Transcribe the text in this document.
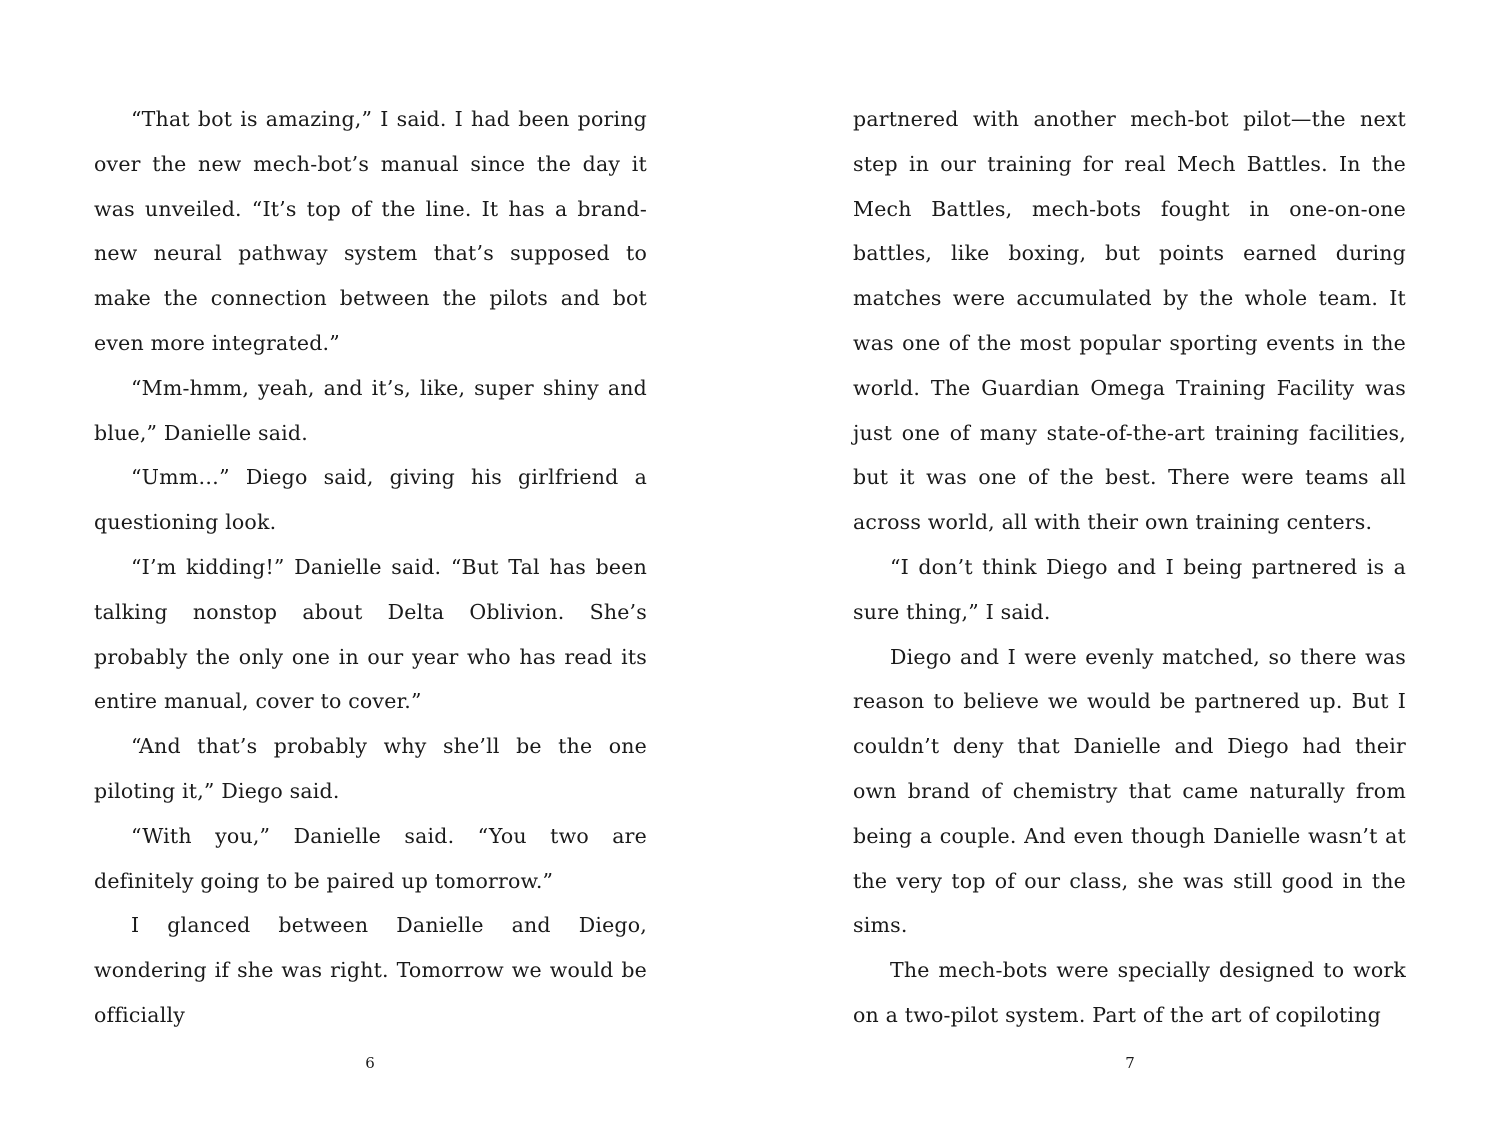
“That bot is amazing,” I said. I had been poring over the new mech-bot’s manual since the day it was unveiled. “It’s top of the line. It has a brand-new neural pathway system that’s supposed to make the connection between the pilots and bot even more integrated.”

“Mm-hmm, yeah, and it’s, like, super shiny and blue,” Danielle said.

“Umm…” Diego said, giving his girlfriend a questioning look.

“I’m kidding!” Danielle said. “But Tal has been talking nonstop about Delta Oblivion. She’s probably the only one in our year who has read its entire manual, cover to cover.”

“And that’s probably why she’ll be the one piloting it,” Diego said.

“With you,” Danielle said. “You two are definitely going to be paired up tomorrow.”

I glanced between Danielle and Diego, wondering if she was right. Tomorrow we would be officially

partnered with another mech-bot pilot—the next step in our training for real Mech Battles. In the Mech Battles, mech-bots fought in one-on-one battles, like boxing, but points earned during matches were accumulated by the whole team. It was one of the most popular sporting events in the world. The Guardian Omega Training Facility was just one of many state-of-the-art training facilities, but it was one of the best. There were teams all across world, all with their own training centers.

“I don’t think Diego and I being partnered is a sure thing,” I said.

Diego and I were evenly matched, so there was reason to believe we would be partnered up. But I couldn’t deny that Danielle and Diego had their own brand of chemistry that came naturally from being a couple. And even though Danielle wasn’t at the very top of our class, she was still good in the sims.

The mech-bots were specially designed to work on a two-pilot system. Part of the art of copiloting

6	7
